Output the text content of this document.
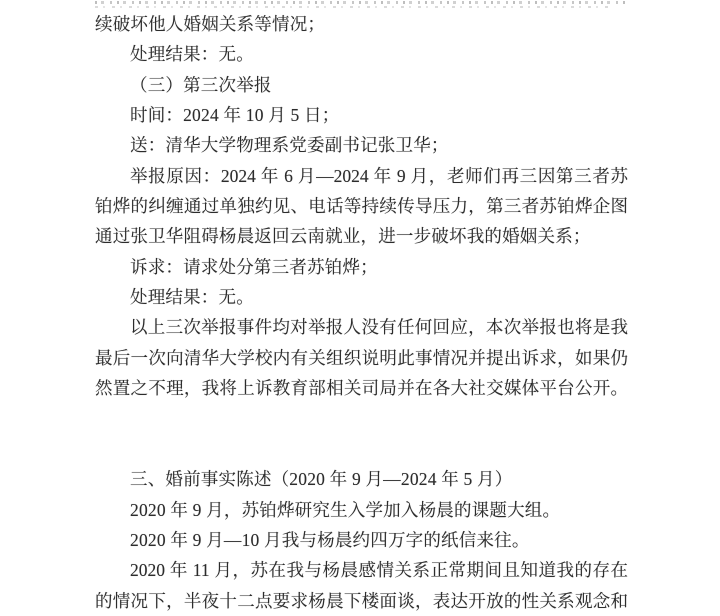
续破坏他人婚姻关系等情况；
处理结果：无。
（三）第三次举报
时间：2024 年 10 月 5 日；
送：清华大学物理系党委副书记张卫华；
举报原因：2024 年 6 月—2024 年 9 月，老师们再三因第三者苏
铂烨的纠缠通过单独约见、电话等持续传导压力，第三者苏铂烨企图
通过张卫华阻碍杨晨返回云南就业，进一步破坏我的婚姻关系；
诉求：请求处分第三者苏铂烨；
处理结果：无。
以上三次举报事件均对举报人没有任何回应，本次举报也将是我
最后一次向清华大学校内有关组织说明此事情况并提出诉求，如果仍
然置之不理，我将上诉教育部相关司局并在各大社交媒体平台公开。
三、婚前事实陈述（2020 年 9 月—2024 年 5 月）
2020 年 9 月，苏铂烨研究生入学加入杨晨的课题大组。
2020 年 9 月—10 月我与杨晨约四万字的纸信来往。
2020 年 11 月，苏在我与杨晨感情关系正常期间且知道我的存在
的情况下，半夜十二点要求杨晨下楼面谈，表达开放的性关系观念和
